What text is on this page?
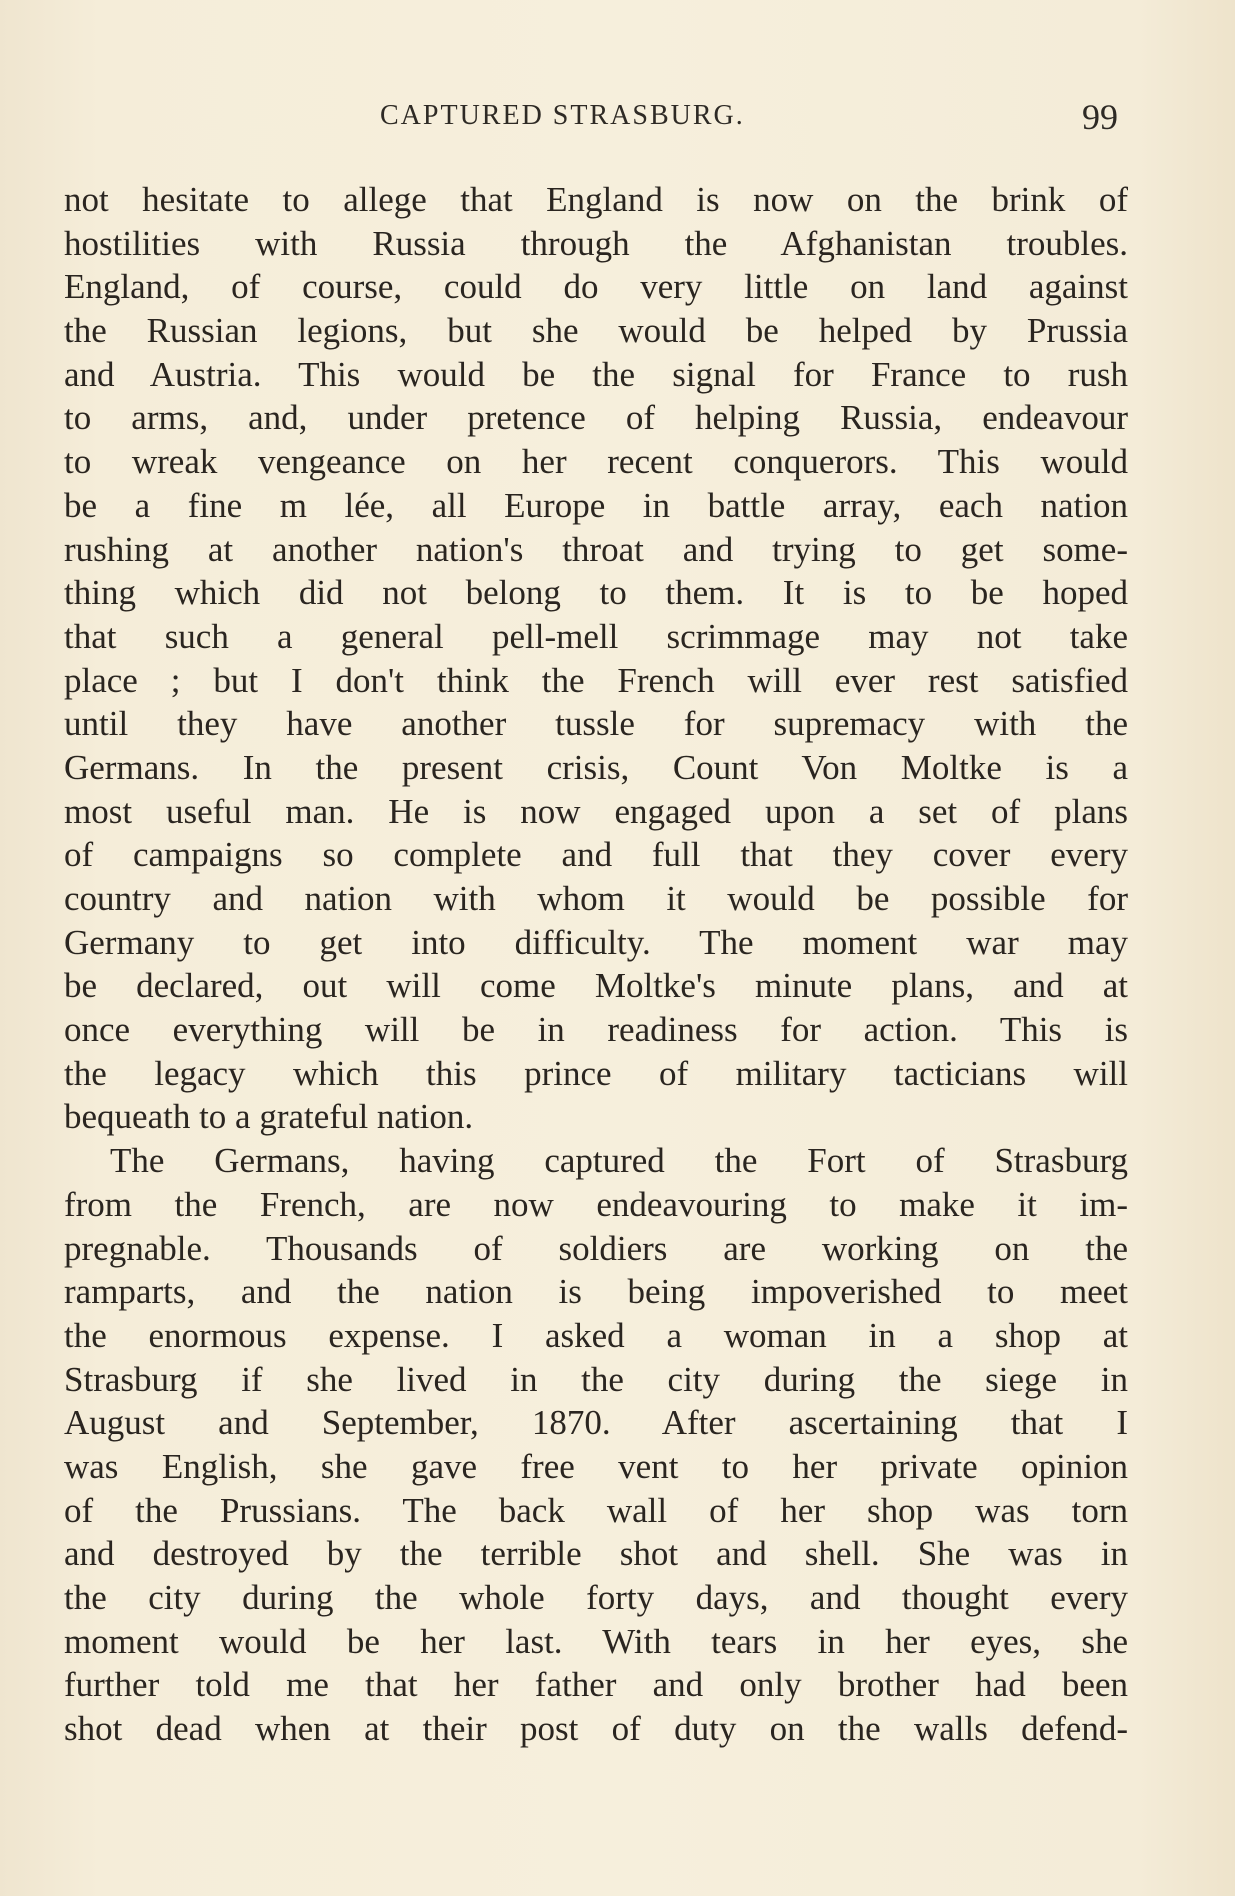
CAPTURED STRASBURG.	99
not hesitate to allege that England is now on the brink of
hostilities with Russia through the Afghanistan troubles.
England, of course, could do very little on land against
the Russian legions, but she would be helped by Prussia
and Austria. This would be the signal for France to rush
to arms, and, under pretence of helping Russia, endeavour
to wreak vengeance on her recent conquerors. This would
be a fine m lée, all Europe in battle array, each nation
rushing at another nation's throat and trying to get some-
thing which did not belong to them. It is to be hoped
that such a general pell-mell scrimmage may not take
place ; but I don't think the French will ever rest satisfied
until they have another tussle for supremacy with the
Germans. In the present crisis, Count Von Moltke is a
most useful man. He is now engaged upon a set of plans
of campaigns so complete and full that they cover every
country and nation with whom it would be possible for
Germany to get into difficulty. The moment war may
be declared, out will come Moltke's minute plans, and at
once everything will be in readiness for action. This is
the legacy which this prince of military tacticians will
bequeath to a grateful nation.
The Germans, having captured the Fort of Strasburg
from the French, are now endeavouring to make it im-
pregnable. Thousands of soldiers are working on the
ramparts, and the nation is being impoverished to meet
the enormous expense. I asked a woman in a shop at
Strasburg if she lived in the city during the siege in
August and September, 1870. After ascertaining that I
was English, she gave free vent to her private opinion
of the Prussians. The back wall of her shop was torn
and destroyed by the terrible shot and shell. She was in
the city during the whole forty days, and thought every
moment would be her last. With tears in her eyes, she
further told me that her father and only brother had been
shot dead when at their post of duty on the walls defend-
